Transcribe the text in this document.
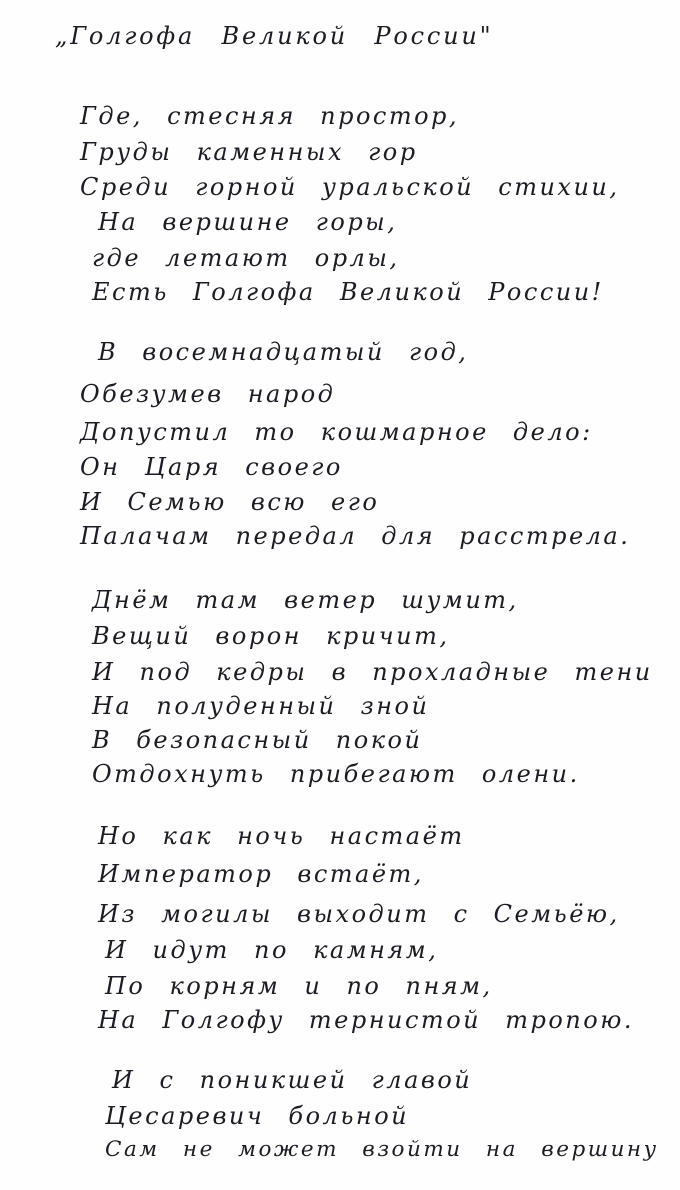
„Голгофа Великой России"
Где, стесняя простор,
Груды каменных гор
Среди горной уральской стихии,
На вершине горы,
где летают орлы,
Есть Голгофа Великой России!
В восемнадцатый год,
Обезумев народ
Допустил то кошмарное дело:
Он Царя своего
И Семью всю его
Палачам передал для расстрела.
Днём там ветер шумит,
Вещий ворон кричит,
И под кедры в прохладные тени
На полуденный зной
В безопасный покой
Отдохнуть прибегают олени.
Но как ночь настаёт
Император встаёт,
Из могилы выходит с Семьёю,
И идут по камням,
По корням и по пням,
На Голгофу тернистой тропою.
И с поникшей главой
Цесаревич больной
Сам не может взойти на вершину
